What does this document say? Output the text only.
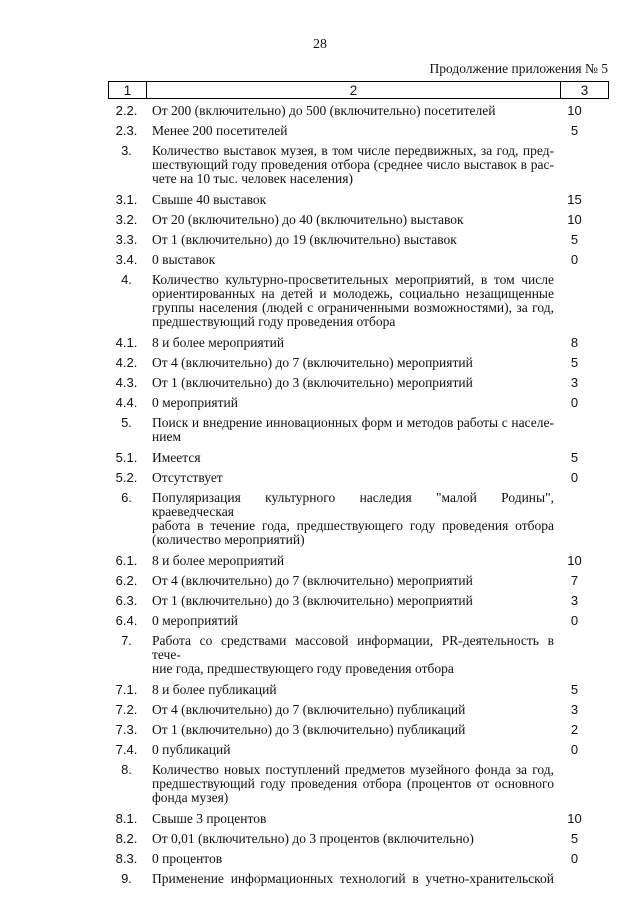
28
Продолжение приложения № 5
1	2	3
2.2.	От 200 (включительно) до 500 (включительно) посетителей	10
2.3.	Менее 200 посетителей	5
3.	Количество выставок музея, в том числе передвижных, за год, пред-
шествующий году проведения отбора (среднее число выставок в рас-
чете на 10 тыс. человек населения)
3.1.	Свыше 40 выставок	15
3.2.	От 20 (включительно) до 40 (включительно) выставок	10
3.3.	От 1 (включительно) до 19 (включительно) выставок	5
3.4.	0 выставок	0
4.	Количество культурно-просветительных мероприятий, в том числе
ориентированных на детей и молодежь, социально незащищенные
группы населения (людей с ограниченными возможностями), за год,
предшествующий году проведения отбора
4.1.	8 и более мероприятий	8
4.2.	От 4 (включительно) до 7 (включительно) мероприятий	5
4.3.	От 1 (включительно) до 3 (включительно) мероприятий	3
4.4.	0 мероприятий	0
5.	Поиск и внедрение инновационных форм и методов работы с населе-
нием
5.1.	Имеется	5
5.2.	Отсутствует	0
6.	Популяризация культурного наследия "малой Родины", краеведческая
работа в течение года, предшествующего году проведения отбора
(количество мероприятий)
6.1.	8 и более мероприятий	10
6.2.	От 4 (включительно) до 7 (включительно) мероприятий	7
6.3.	От 1 (включительно) до 3 (включительно) мероприятий	3
6.4.	0 мероприятий	0
7.	Работа со средствами массовой информации, PR-деятельность в тече-
ние года, предшествующего году проведения отбора
7.1.	8 и более публикаций	5
7.2.	От 4 (включительно) до 7 (включительно) публикаций	3
7.3.	От 1 (включительно) до 3 (включительно) публикаций	2
7.4.	0 публикаций	0
8.	Количество новых поступлений предметов музейного фонда за год,
предшествующий году проведения отбора (процентов от основного
фонда музея)
8.1.	Свыше 3 процентов	10
8.2.	От 0,01 (включительно) до 3 процентов (включительно)	5
8.3.	0 процентов	0
9.	Применение информационных технологий в учетно-хранительской
